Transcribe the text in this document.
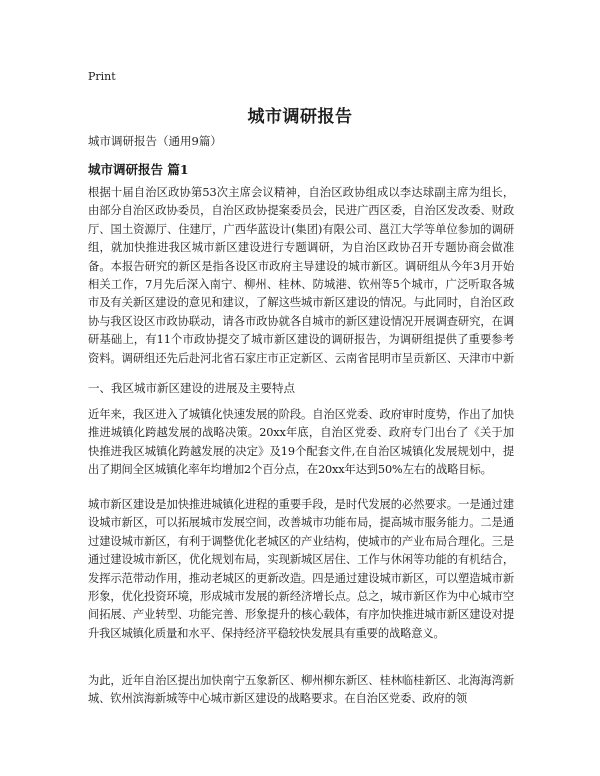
Print
城市调研报告
城市调研报告（通用9篇）
城市调研报告 篇1

根据十届自治区政协第53次主席会议精神，自治区政协组成以李达球副主席为组长，由部分自治区政协委员，自治区政协提案委员会，民进广西区委，自治区发改委、财政厅、国土资源厅、住建厅，广西华蓝设计(集团)有限公司、邕江大学等单位参加的调研组，就加快推进我区城市新区建设进行专题调研，为自治区政协召开专题协商会做准备。本报告研究的新区是指各设区市政府主导建设的城市新区。调研组从今年3月开始相关工作，7月先后深入南宁、柳州、桂林、防城港、钦州等5个城市，广泛听取各城市及有关新区建设的意见和建议，了解这些城市新区建设的情况。与此同时，自治区政协与我区设区市政协联动，请各市政协就各自城市的新区建设情况开展调查研究，在调研基础上，有11个市政协提交了城市新区建设的调研报告，为调研组提供了重要参考资料。调研组还先后赴河北省石家庄市正定新区、云南省昆明市呈贡新区、天津市中新

一、我区城市新区建设的进展及主要特点

近年来，我区进入了城镇化快速发展的阶段。自治区党委、政府审时度势，作出了加快推进城镇化跨越发展的战略决策。20xx年底，自治区党委、政府专门出台了《关于加快推进我区城镇化跨越发展的决定》及19个配套文件,在自治区城镇化发展规划中，提出了期间全区城镇化率年均增加2个百分点，在20xx年达到50%左右的战略目标。

城市新区建设是加快推进城镇化进程的重要手段，是时代发展的必然要求。一是通过建设城市新区，可以拓展城市发展空间，改善城市功能布局，提高城市服务能力。二是通过建设城市新区，有利于调整优化老城区的产业结构，使城市的产业布局合理化。三是通过建设城市新区，优化规划布局，实现新城区居住、工作与休闲等功能的有机结合，发挥示范带动作用，推动老城区的更新改造。四是通过建设城市新区，可以塑造城市新形象，优化投资环境，形成城市发展的新经济增长点。总之，城市新区作为中心城市空间拓展、产业转型、功能完善、形象提升的核心载体，有序加快推进城市新区建设对提升我区城镇化质量和水平、保持经济平稳较快发展具有重要的战略意义。

为此，近年自治区提出加快南宁五象新区、柳州柳东新区、桂林临桂新区、北海海湾新城、钦州滨海新城等中心城市新区建设的战略要求。在自治区党委、政府的领
